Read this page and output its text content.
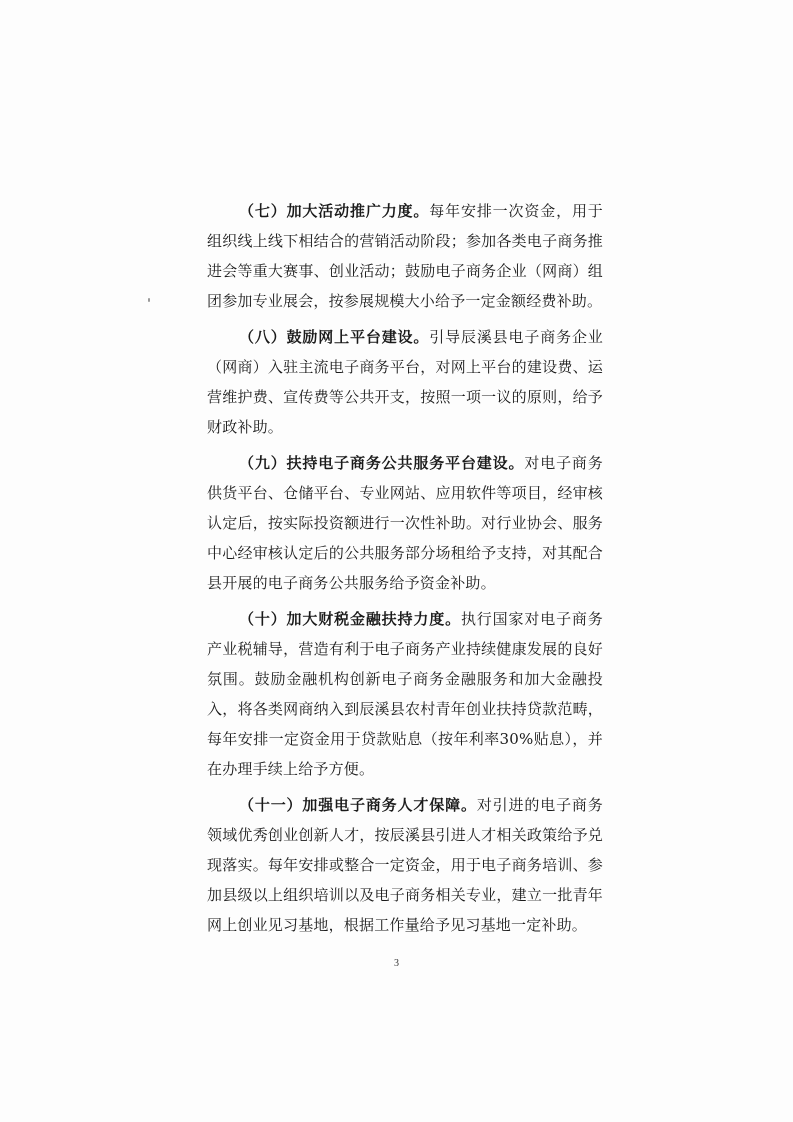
（七）加大活动推广力度。每年安排一次资金，用于组织线上线下相结合的营销活动阶段；参加各类电子商务推进会等重大赛事、创业活动；鼓励电子商务企业（网商）组团参加专业展会，按参展规模大小给予一定金额经费补助。

（八）鼓励网上平台建设。引导辰溪县电子商务企业（网商）入驻主流电子商务平台，对网上平台的建设费、运营维护费、宣传费等公共开支，按照一项一议的原则，给予财政补助。

（九）扶持电子商务公共服务平台建设。对电子商务供货平台、仓储平台、专业网站、应用软件等项目，经审核认定后，按实际投资额进行一次性补助。对行业协会、服务中心经审核认定后的公共服务部分场租给予支持，对其配合县开展的电子商务公共服务给予资金补助。

（十）加大财税金融扶持力度。执行国家对电子商务产业税辅导，营造有利于电子商务产业持续健康发展的良好氛围。鼓励金融机构创新电子商务金融服务和加大金融投入，将各类网商纳入到辰溪县农村青年创业扶持贷款范畴，每年安排一定资金用于贷款贴息（按年利率30%贴息），并在办理手续上给予方便。

（十一）加强电子商务人才保障。对引进的电子商务领域优秀创业创新人才，按辰溪县引进人才相关政策给予兑现落实。每年安排或整合一定资金，用于电子商务培训、参加县级以上组织培训以及电子商务相关专业，建立一批青年网上创业见习基地，根据工作量给予见习基地一定补助。

3
